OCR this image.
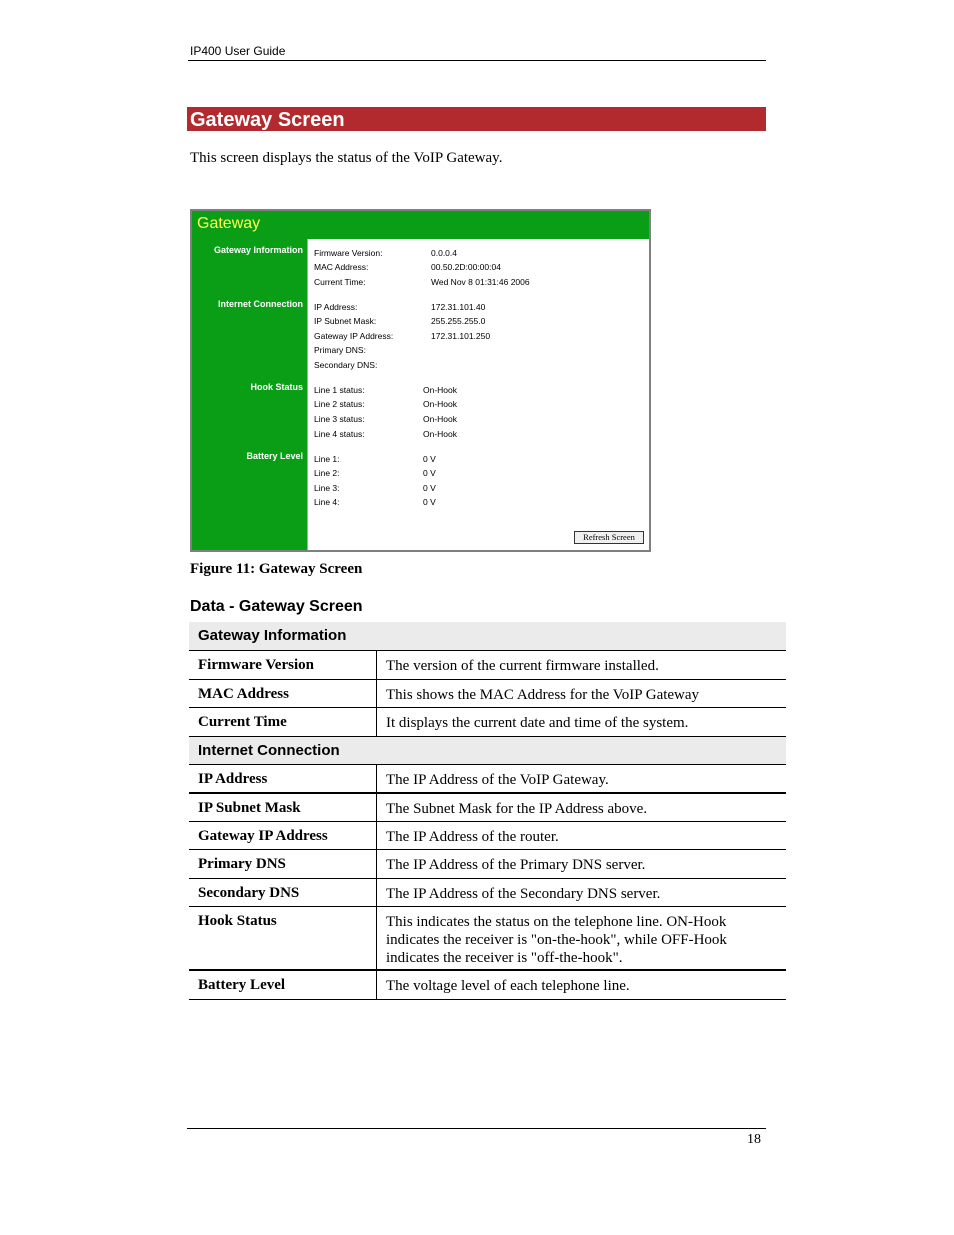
IP400 User Guide
Gateway Screen
This screen displays the status of the VoIP Gateway.
Gateway
Gateway Information
Internet Connection
Hook Status
Battery Level
Firmware Version:	0.0.0.4
MAC Address:	00.50.2D:00:00:04
Current Time:	Wed Nov 8 01:31:46 2006
IP Address:	172.31.101.40
IP Subnet Mask:	255.255.255.0
Gateway IP Address:	172.31.101.250
Primary DNS:
Secondary DNS:
Line 1 status:	On-Hook
Line 2 status:	On-Hook
Line 3 status:	On-Hook
Line 4 status:	On-Hook
Line 1:	0 V
Line 2:	0 V
Line 3:	0 V
Line 4:	0 V
Refresh Screen
Figure 11: Gateway Screen
Data - Gateway Screen
Gateway Information
Firmware Version	The version of the current firmware installed.
MAC Address	This shows the MAC Address for the VoIP Gateway
Current Time	It displays the current date and time of the system.
Internet Connection
IP Address	The IP Address of the VoIP Gateway.
IP Subnet Mask	The Subnet Mask for the IP Address above.
Gateway IP Address	The IP Address of the router.
Primary DNS	The IP Address of the Primary DNS server.
Secondary DNS	The IP Address of the Secondary DNS server.
Hook Status	This indicates the status on the telephone line. ON-Hook indicates the receiver is "on-the-hook", while OFF-Hook indicates the receiver is "off-the-hook".
Battery Level	The voltage level of each telephone line.
18
